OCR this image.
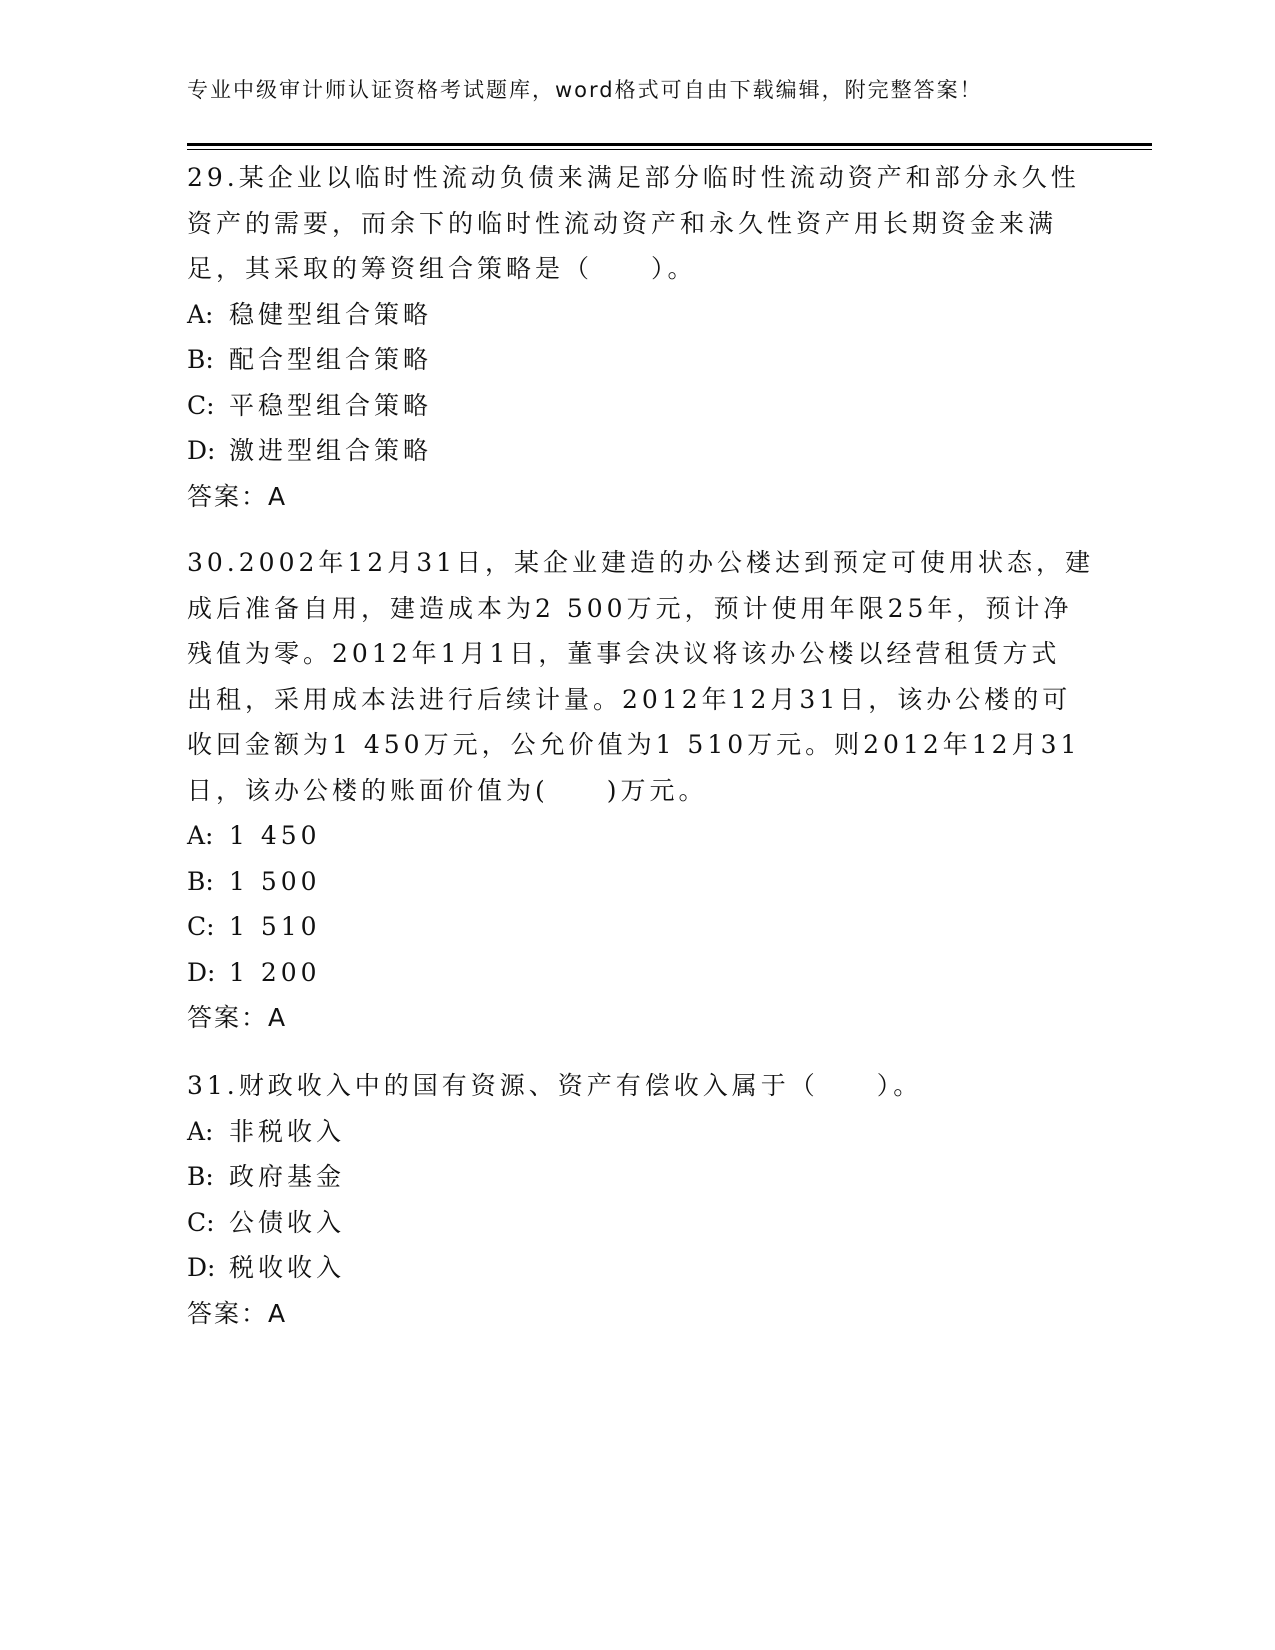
专业中级审计师认证资格考试题库，word格式可自由下载编辑，附完整答案！

29.某企业以临时性流动负债来满足部分临时性流动资产和部分永久性
资产的需要，而余下的临时性流动资产和永久性资产用长期资金来满
足，其采取的筹资组合策略是（　　）。

A: 稳健型组合策略
B: 配合型组合策略
C: 平稳型组合策略
D: 激进型组合策略
答案：A

30.2002年12月31日，某企业建造的办公楼达到预定可使用状态，建
成后准备自用，建造成本为2 500万元，预计使用年限25年，预计净
残值为零。2012年1月1日，董事会决议将该办公楼以经营租赁方式
出租，采用成本法进行后续计量。2012年12月31日，该办公楼的可
收回金额为1 450万元，公允价值为1 510万元。则2012年12月31
日，该办公楼的账面价值为(　　)万元。

A: 1 450
B: 1 500
C: 1 510
D: 1 200
答案：A

31.财政收入中的国有资源、资产有偿收入属于（　　）。

A: 非税收入
B: 政府基金
C: 公债收入
D: 税收收入
答案：A
